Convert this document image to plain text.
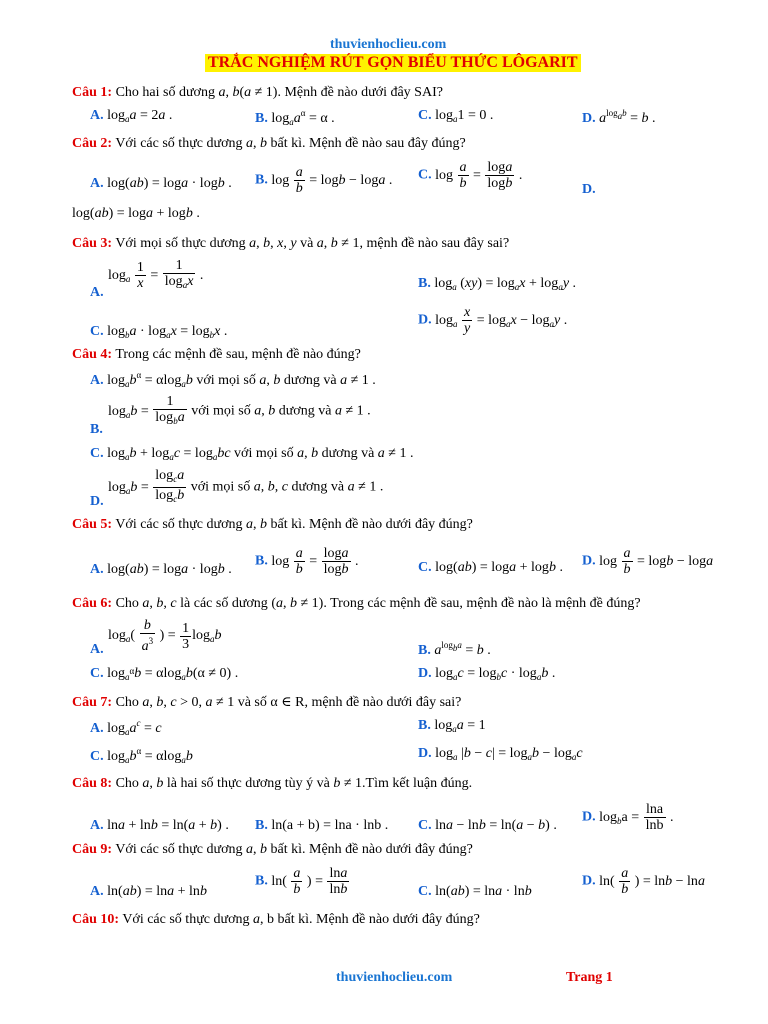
thuvienhoclieu.com
TRẮC NGHIỆM RÚT GỌN BIỂU THỨC LÔGARIT
Câu 1: Cho hai số dương a, b(a ≠ 1). Mệnh đề nào dưới đây SAI?
A. $\log_aa = 2a$ .	B. $\log_aa^\alpha = \alpha$ .	C. $\log_a1 = 0$ .	D. $a^{log_ab} = b$ .
Câu 2: Với các số thực dương a, b bất kì. Mệnh đề nào sau đây đúng?
A. log(ab) = loga · logb . B. $\log \frac{a}{b} = \log b - \log a$ . C. $\log \frac{a}{b} = \frac{\log a}{\log b}$ .
D.
log(ab) = loga + logb .
Câu 3: Với mọi số thực dương a, b, x, y và a, b ≠ 1, mệnh đề nào sau đây sai?
$\log_a \frac{1}{x} = \frac{1}{\log_ax}$ .
A.
B. $\log_a (xy) = \log_ax + \log_ay$ .
C. $\log_ba \cdot \log_ax = \log_bx$ .
D. $\log_a \frac{x}{y} = \log_ax - \log_ay$ .
Câu 4: Trong các mệnh đề sau, mệnh đề nào đúng?
A. $\log_ab^\alpha = \alpha\log_ab$ với mọi số a, b dương và a ≠ 1 .
$\log_ab = \frac{1}{\log_ba}$ với mọi số a, b dương và a ≠ 1 .
B.
C. $\log_ab + \log_ac = \log_abc$ với mọi số a, b dương và a ≠ 1 .
$\log_ab = \frac{\log_ca}{\log_cb}$ với mọi số a, b, c dương và a ≠ 1 .
D.
Câu 5: Với các số thực dương a, b bất kì. Mệnh đề nào dưới đây đúng?
A. log(ab) = loga · logb .
B. $\log \frac{a}{b} = \frac{\log a}{\log b}$ .	C. log(ab) = loga + logb . D. $\log \frac{a}{b} = \log b - \log a$
Câu 6: Cho a, b, c là các số dương (a, b ≠ 1). Trong các mệnh đề sau, mệnh đề nào là mệnh đề đúng?
$\log_a( \frac{b}{a^3}$ ) = $\frac{1}{3} \log_ab$
A.	B. $a^{log_ba} = b$ .
C. $\log_{a^\alpha}b = \alpha\log_ab(\alpha \ne 0)$ .	D. $\log_ac = \log_bc \cdot \log_ab$ .
Câu 7: Cho a, b, c > 0, a ≠ 1 và số α ∈ R, mệnh đề nào dưới đây sai?
A. $\log_aa^c = c$	B. $\log_aa = 1$
C. $\log_ab^\alpha = \alpha\log_ab$	D. $\log_a |b - c| = \log_ab - \log_ac$
Câu 8: Cho a, b là hai số thực dương tùy ý và b ≠ 1.Tìm kết luận đúng.
A. lna + lnb = ln(a + b) . B. ln(a + b) = lna · lnb . C. lna − lnb = ln(a − b) .
D. $\log_ba = \frac{\ln a}{\ln b}$ .
Câu 9: Với các số thực dương a, b bất kì. Mệnh đề nào dưới đây đúng?
A. ln(ab) = lna + lnb
B. $\ln( \frac{a}{b}$ ) = $\frac{\ln a}{\ln b}$	C. ln(ab) = lna · lnb
D. $\ln( \frac{a}{b}$ ) = lnb − lna
Câu 10: Với các số thực dương a, b bất kì. Mệnh đề nào dưới đây đúng?
thuvienhoclieu.com	Trang 1
